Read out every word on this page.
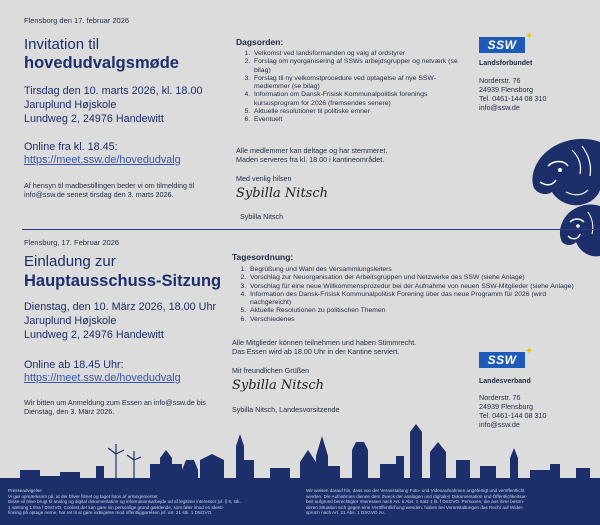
Flensborg den 17. februar 2026
Invitation til
hovedudvalgsmøde
Tirsdag den 10. marts 2026, kl. 18.00
Jaruplund Højskole
Lundweg 2, 24976 Handewitt
Online fra kl. 18.45:
https://meet.ssw.de/hovedudvalg
Af hensyn til madbestillingen beder vi om tilmelding til
info@ssw.de senest tirsdag den 3. marts 2026.
Dagsorden:
1. Velkomst ved landsformanden og valg af ordstyrer
2. Forslag om nyorganisering af SSWs arbejdsgrupper og netværk (se bilag)
3. Forslag til ny velkomstprocedure ved optagelse af nye SSW-medlemmer (se bilag)
4. Information om Dansk-Frisisk Kommunalpolitisk forenings kursusprogram for 2026 (fremsendes senere)
5. Aktuelle resolutioner til politiske emner
6. Eventuelt
Alle medlemmer kan deltage og har stemmeret.
Maden serveres fra kl. 18.00 i kantineområdet.
Med venlig hilsen
Sybilla Nitsch
Sybilla Nitsch
SSW
✦
Landsforbundet
Norderstr. 76
24939 Flensborg
Tel. 0461-144 08 310
info@ssw.de
Flensburg, 17. Februar 2026
Einladung zur
Hauptausschuss-Sitzung
Dienstag, den 10. März 2026, 18.00 Uhr
Jaruplund Højskole
Lundweg 2, 24976 Handewitt
Online ab 18.45 Uhr:
https://meet.ssw.de/hovedudvalg
Wir bitten um Anmeldung zum Essen an info@ssw.de bis
Dienstag, den 3. März 2026.
Tagesordnung:
1. Begrüßung und Wahl des Versammlungsleiters
2. Vorschlag zur Neuorganisation der Arbeitsgruppen und Netzwerke des SSW (siehe Anlage)
3. Vorschlag für eine neue Willkommensprozedur bei der Aufnahme von neuen SSW-Mitglieder (siehe Anlage)
4. Information des Dansk-Frisisk Kommunalpolitisk Forening über das neue Programm für 2026 (wird nachgereicht)
5. Aktuelle Resolutionen zu politischen Themen
6. Verschiedenes
Alle Mitglieder können teilnehmen und haben Stimmrecht.
Das Essen wird ab 18.00 Uhr in der Kantine serviert.
Mit freundlichen Grüßen
Sybilla Nitsch
Sybilla Nitsch, Landesvorsitzende
SSW
✦
Landesverband
Norderstr. 76
24939 Flensburg
Tel. 0461-144 08 310
info@ssw.de
Presseadvigelse
Vi gør opmærksom på, at der bliver filmet og taget fotos af arrangementet
Disse vil blive brugt til analog og digital dokumentation og informationsarbejde ud af legitime interesser jvf. § 6, stk.
1 sætning 1 litra f DSGVO. Coolest der kan gøre sin personlige grund gældende, som føler imod en identi-
fioning på optage nerne, har ret til at gøre indsigelse mod offentliggørelsen jvf. art. 21 stk. 1 DSGVO.
Wir weisen darauf hin, dass von der Veranstaltung Foto- und Videoaufnahmen angefertigt und veröffentlicht
werden. Die Aufnahmen dienen dem Zweck der analogen und digitalen Dokumentation und Öffentlichkeitsar-
beit aufgrund berechtigter Interessen nach Art. 6 Abs. 1 Satz 1 lit. f DSGVO. Personen, die aus ihrer beson-
deren Situation sich gegen eine Veröffentlichung wenden, haben bei Veranstaltungen das Recht auf Wider-
spruch nach Art. 21 Abs. 1 DSGVO zu.
